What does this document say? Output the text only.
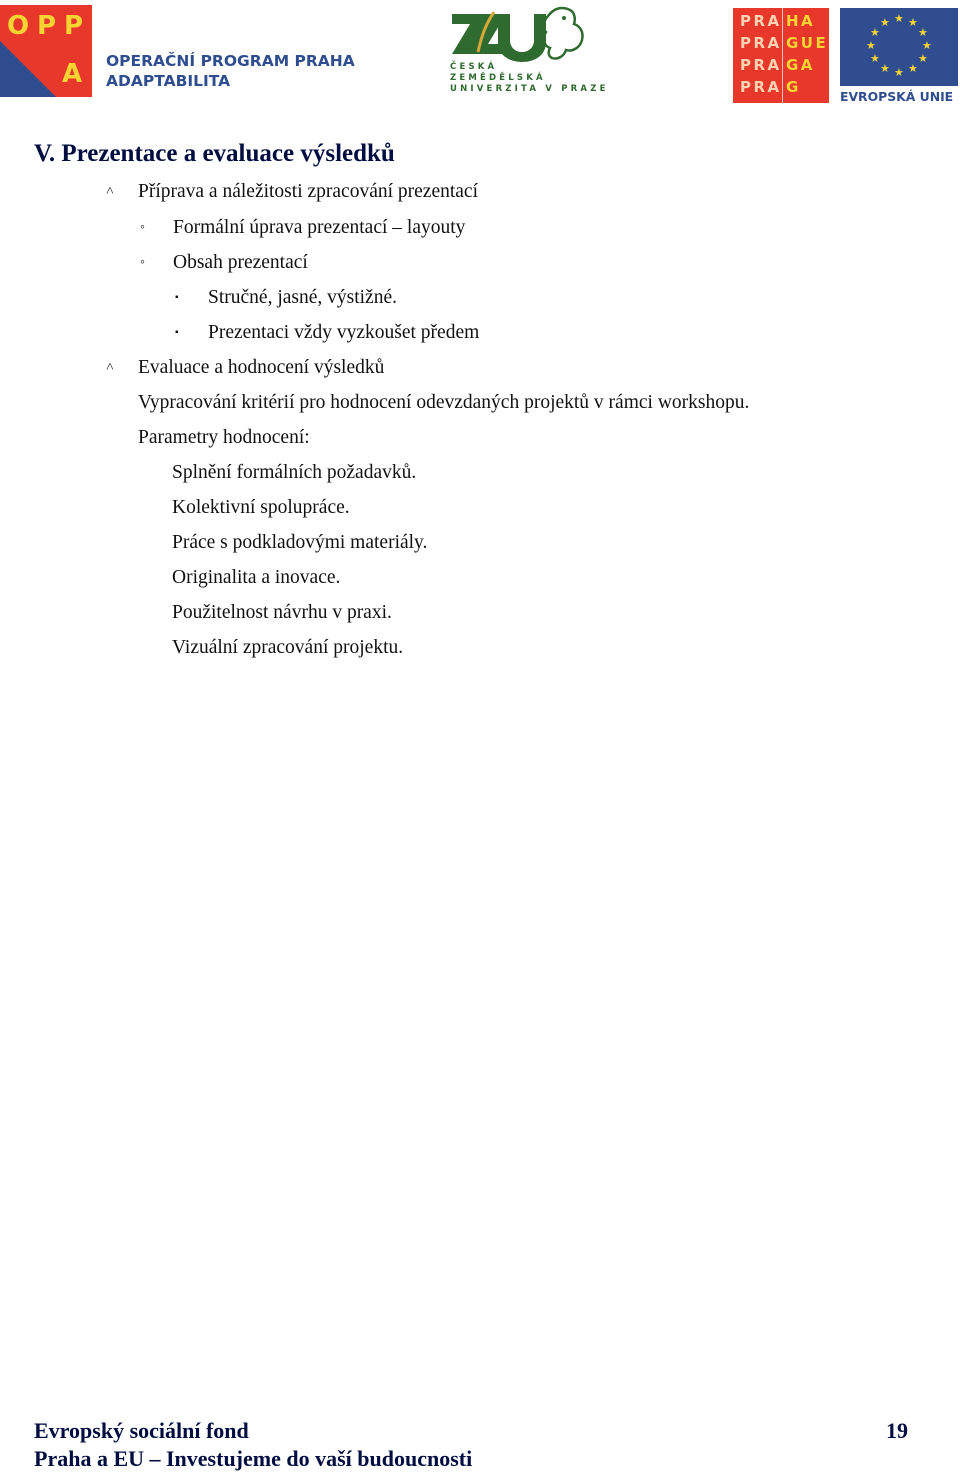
O P P
A OPERAČNÍ PROGRAM PRAHA
ADAPTABILITA
ČESKÁ
ZEMĚDĚLSKÁ
UNIVERZITA V PRAZE
PRA
PRA
PRA
PRA
HA
GUE
GA
G
★ ★
★
★
★
★
★
★
★
★
★
★
EVROPSKÁ UNIE
V. Prezentace a evaluace výsledků
˄ Příprava a náležitosti zpracování prezentací
◦ Formální úprava prezentací – layouty
◦ Obsah prezentací
▪ Stručné, jasné, výstižné.
▪ Prezentaci vždy vyzkoušet předem
˄ Evaluace a hodnocení výsledků
Vypracování kritérií pro hodnocení odevzdaných projektů v rámci workshopu.
Parametry hodnocení:
Splnění formálních požadavků.
Kolektivní spolupráce.
Práce s podkladovými materiály.
Originalita a inovace.
Použitelnost návrhu v praxi.
Vizuální zpracování projektu.
Evropský sociální fond
Praha a EU – Investujeme do vaší budoucnosti
19
